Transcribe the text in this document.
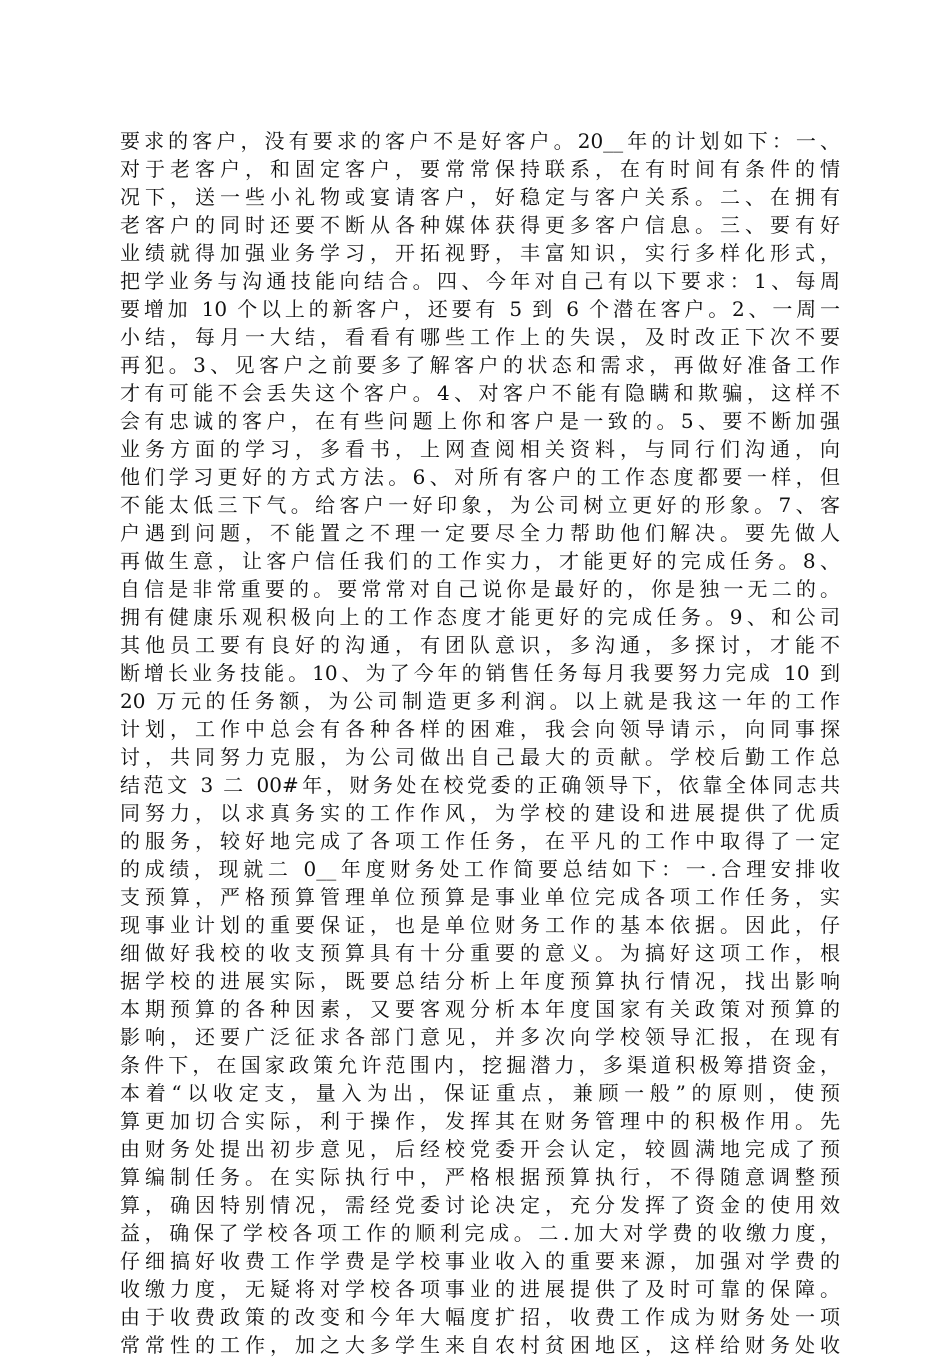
要求的客户，没有要求的客户不是好客户。20__年的计划如下：一、
对于老客户，和固定客户，要常常保持联系，在有时间有条件的情
况下，送一些小礼物或宴请客户，好稳定与客户关系。二、在拥有
老客户的同时还要不断从各种媒体获得更多客户信息。三、要有好
业绩就得加强业务学习，开拓视野，丰富知识，实行多样化形式，
把学业务与沟通技能向结合。四、今年对自己有以下要求：1、每周
要增加 10 个以上的新客户，还要有 5 到 6 个潜在客户。2、一周一
小结，每月一大结，看看有哪些工作上的失误，及时改正下次不要
再犯。3、见客户之前要多了解客户的状态和需求，再做好准备工作
才有可能不会丢失这个客户。4、对客户不能有隐瞒和欺骗，这样不
会有忠诚的客户，在有些问题上你和客户是一致的。5、要不断加强
业务方面的学习，多看书，上网查阅相关资料，与同行们沟通，向
他们学习更好的方式方法。6、对所有客户的工作态度都要一样，但
不能太低三下气。给客户一好印象，为公司树立更好的形象。7、客
户遇到问题，不能置之不理一定要尽全力帮助他们解决。要先做人
再做生意，让客户信任我们的工作实力，才能更好的完成任务。8、
自信是非常重要的。要常常对自己说你是最好的，你是独一无二的。
拥有健康乐观积极向上的工作态度才能更好的完成任务。9、和公司
其他员工要有良好的沟通，有团队意识，多沟通，多探讨，才能不
断增长业务技能。10、为了今年的销售任务每月我要努力完成 10 到
20 万元的任务额，为公司制造更多利润。以上就是我这一年的工作
计划，工作中总会有各种各样的困难，我会向领导请示，向同事探
讨，共同努力克服，为公司做出自己最大的贡献。学校后勤工作总
结范文 3 二 00#年，财务处在校党委的正确领导下，依靠全体同志共
同努力，以求真务实的工作作风，为学校的建设和进展提供了优质
的服务，较好地完成了各项工作任务，在平凡的工作中取得了一定
的成绩，现就二 0__年度财务处工作简要总结如下：一.合理安排收
支预算，严格预算管理单位预算是事业单位完成各项工作任务，实
现事业计划的重要保证，也是单位财务工作的基本依据。因此，仔
细做好我校的收支预算具有十分重要的意义。为搞好这项工作，根
据学校的进展实际，既要总结分析上年度预算执行情况，找出影响
本期预算的各种因素，又要客观分析本年度国家有关政策对预算的
影响，还要广泛征求各部门意见，并多次向学校领导汇报，在现有
条件下，在国家政策允许范围内，挖掘潜力，多渠道积极筹措资金，
本着“以收定支，量入为出，保证重点，兼顾一般”的原则，使预
算更加切合实际，利于操作，发挥其在财务管理中的积极作用。先
由财务处提出初步意见，后经校党委开会认定，较圆满地完成了预
算编制任务。在实际执行中，严格根据预算执行，不得随意调整预
算，确因特别情况，需经党委讨论决定，充分发挥了资金的使用效
益，确保了学校各项工作的顺利完成。二.加大对学费的收缴力度，
仔细搞好收费工作学费是学校事业收入的重要来源，加强对学费的
收缴力度，无疑将对学校各项事业的进展提供了及时可靠的保障。
由于收费政策的改变和今年大幅度扩招，收费工作成为财务处一项
常常性的工作，加之大多学生来自农村贫困地区，这样给财务处收
